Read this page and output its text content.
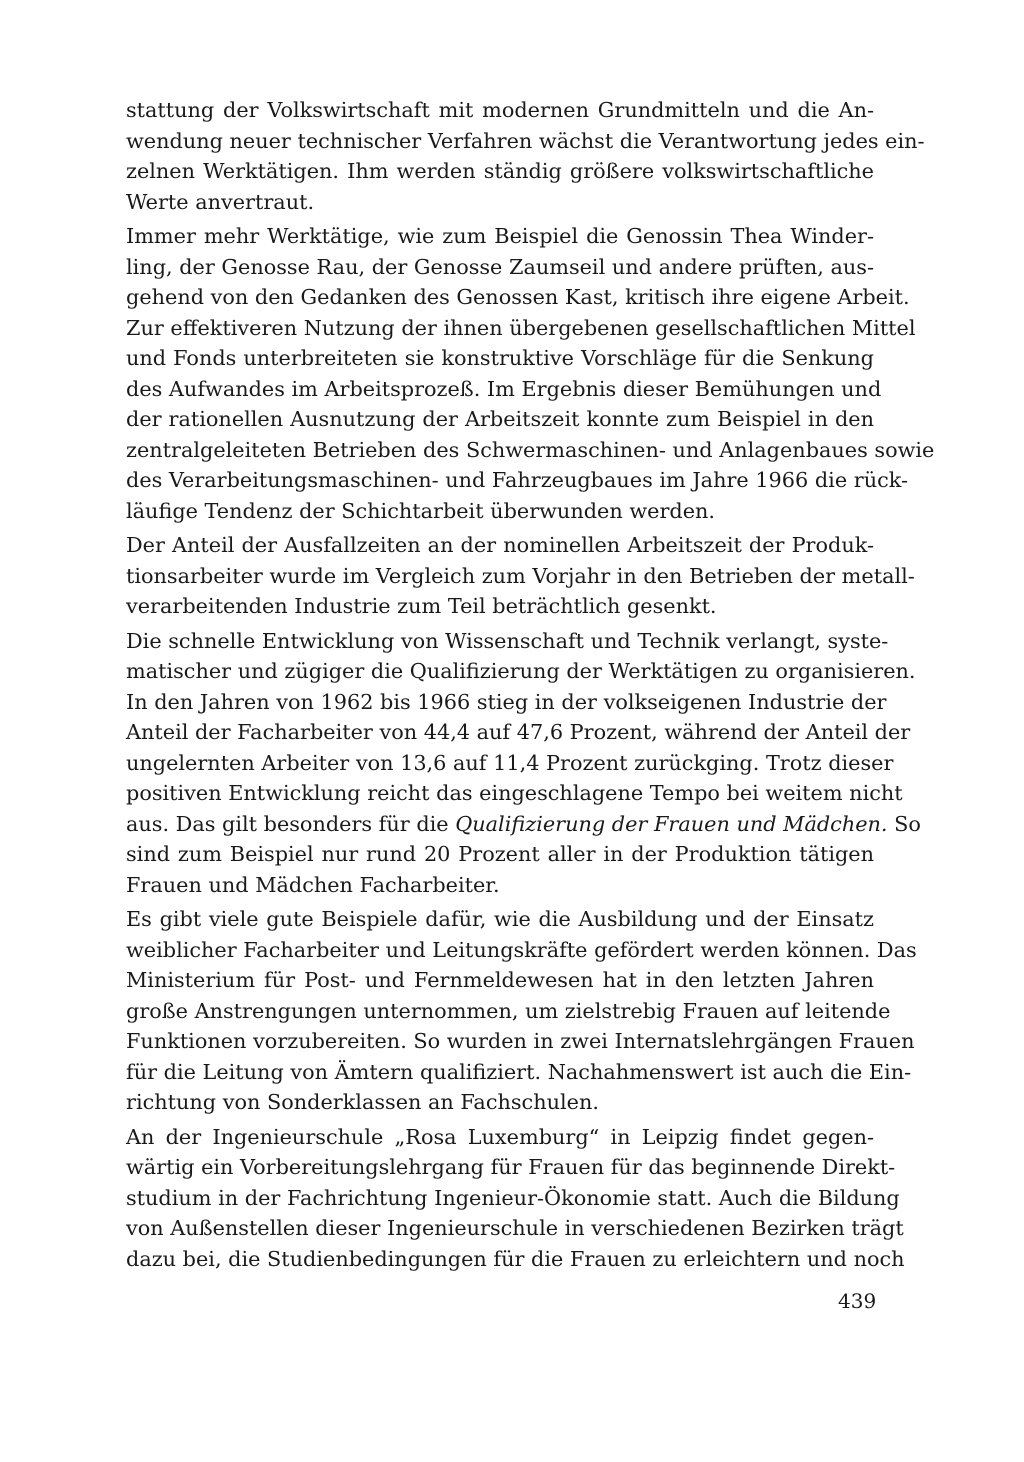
stattung der Volkswirtschaft mit modernen Grundmitteln und die An-
wendung neuer technischer Verfahren wächst die Verantwortung jedes ein-
zelnen Werktätigen. Ihm werden ständig größere volkswirtschaftliche
Werte anvertraut.
Immer mehr Werktätige, wie zum Beispiel die Genossin Thea Winder-
ling, der Genosse Rau, der Genosse Zaumseil und andere prüften, aus-
gehend von den Gedanken des Genossen Kast, kritisch ihre eigene Arbeit.
Zur effektiveren Nutzung der ihnen übergebenen gesellschaftlichen Mittel
und Fonds unterbreiteten sie konstruktive Vorschläge für die Senkung
des Aufwandes im Arbeitsprozeß. Im Ergebnis dieser Bemühungen und
der rationellen Ausnutzung der Arbeitszeit konnte zum Beispiel in den
zentralgeleiteten Betrieben des Schwermaschinen- und Anlagenbaues sowie
des Verarbeitungsmaschinen- und Fahrzeugbaues im Jahre 1966 die rück-
läufige Tendenz der Schichtarbeit überwunden werden.
Der Anteil der Ausfallzeiten an der nominellen Arbeitszeit der Produk-
tionsarbeiter wurde im Vergleich zum Vorjahr in den Betrieben der metall-
verarbeitenden Industrie zum Teil beträchtlich gesenkt.
Die schnelle Entwicklung von Wissenschaft und Technik verlangt, syste-
matischer und zügiger die Qualifizierung der Werktätigen zu organisieren.
In den Jahren von 1962 bis 1966 stieg in der volkseigenen Industrie der
Anteil der Facharbeiter von 44,4 auf 47,6 Prozent, während der Anteil der
ungelernten Arbeiter von 13,6 auf 11,4 Prozent zurückging. Trotz dieser
positiven Entwicklung reicht das eingeschlagene Tempo bei weitem nicht
aus. Das gilt besonders für die Qualifizierung der Frauen und Mädchen. So
sind zum Beispiel nur rund 20 Prozent aller in der Produktion tätigen
Frauen und Mädchen Facharbeiter.
Es gibt viele gute Beispiele dafür, wie die Ausbildung und der Einsatz
weiblicher Facharbeiter und Leitungskräfte gefördert werden können. Das
Ministerium für Post- und Fernmeldewesen hat in den letzten Jahren
große Anstrengungen unternommen, um zielstrebig Frauen auf leitende
Funktionen vorzubereiten. So wurden in zwei Internatslehrgängen Frauen
für die Leitung von Ämtern qualifiziert. Nachahmenswert ist auch die Ein-
richtung von Sonderklassen an Fachschulen.
An der Ingenieurschule „Rosa Luxemburg“ in Leipzig findet gegen-
wärtig ein Vorbereitungslehrgang für Frauen für das beginnende Direkt-
studium in der Fachrichtung Ingenieur-Ökonomie statt. Auch die Bildung
von Außenstellen dieser Ingenieurschule in verschiedenen Bezirken trägt
dazu bei, die Studienbedingungen für die Frauen zu erleichtern und noch
439
